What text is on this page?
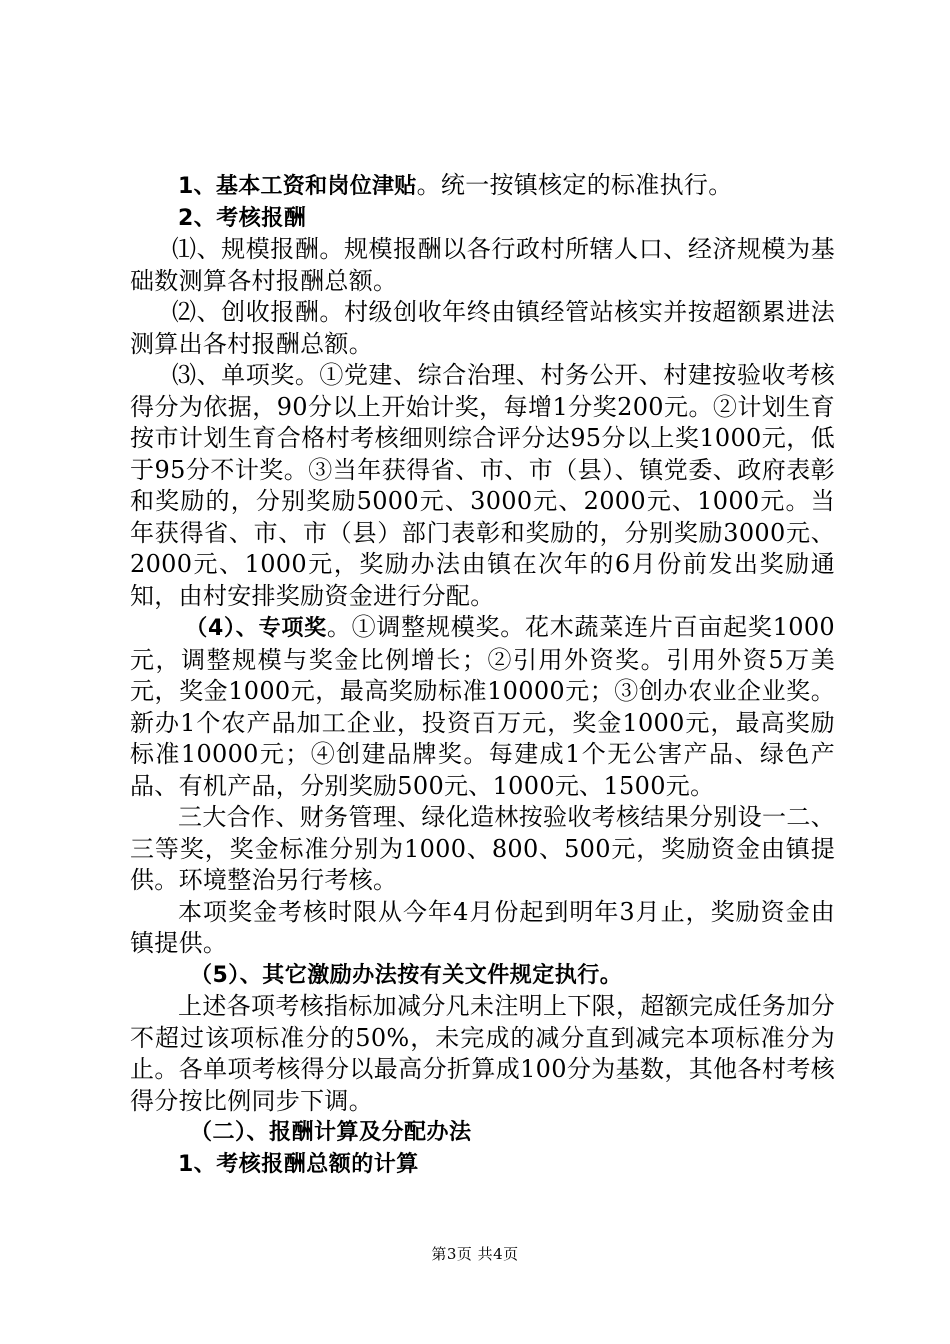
1、基本工资和岗位津贴。统一按镇核定的标准执行。

2、考核报酬

⑴、规模报酬。规模报酬以各行政村所辖人口、经济规模为基础数测算各村报酬总额。

⑵、创收报酬。村级创收年终由镇经管站核实并按超额累进法测算出各村报酬总额。

⑶、单项奖。①党建、综合治理、村务公开、村建按验收考核得分为依据，90分以上开始计奖，每增1分奖200元。②计划生育按市计划生育合格村考核细则综合评分达95分以上奖1000元，低于95分不计奖。③当年获得省、市、市（县）、镇党委、政府表彰和奖励的，分别奖励5000元、3000元、2000元、1000元。当年获得省、市、市（县）部门表彰和奖励的，分别奖励3000元、2000元、1000元，奖励办法由镇在次年的6月份前发出奖励通知，由村安排奖励资金进行分配。

（4）、专项奖。①调整规模奖。花木蔬菜连片百亩起奖1000元，调整规模与奖金比例增长；②引用外资奖。引用外资5万美元，奖金1000元，最高奖励标准10000元；③创办农业企业奖。新办1个农产品加工企业，投资百万元，奖金1000元，最高奖励标准10000元；④创建品牌奖。每建成1个无公害产品、绿色产品、有机产品，分别奖励500元、1000元、1500元。

三大合作、财务管理、绿化造林按验收考核结果分别设一二、三等奖，奖金标准分别为1000、800、500元，奖励资金由镇提供。环境整治另行考核。

本项奖金考核时限从今年4月份起到明年3月止，奖励资金由镇提供。

（5）、其它激励办法按有关文件规定执行。

上述各项考核指标加减分凡未注明上下限，超额完成任务加分不超过该项标准分的50%，未完成的减分直到减完本项标准分为止。各单项考核得分以最高分折算成100分为基数，其他各村考核得分按比例同步下调。

（二）、报酬计算及分配办法

1、考核报酬总额的计算

第3页 共4页
